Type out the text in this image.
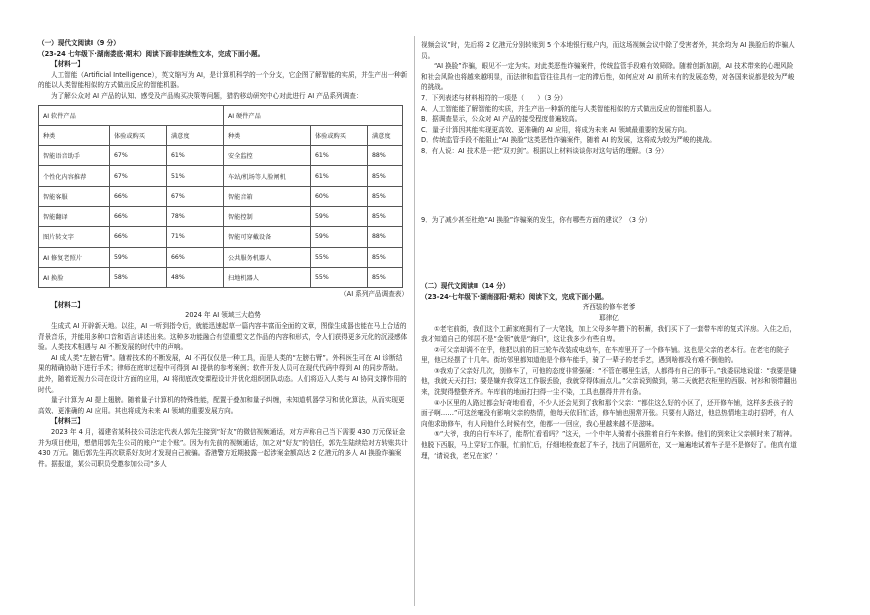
（一）现代文阅读Ⅰ（9 分）

（23-24 七年级下·湖南娄底·期末）阅读下面非连续性文本，完成下面小题。

【材料一】

人工智能（Artificial Intelligence），英文缩写为 AI，是计算机科学的一个分支，它企图了解智能的实质，并生产出一种新的能以人类智能相似的方式做出反应的智能机器。

为了解公众对 AI 产品的认知、感受及产品购买决策等问题，猎豹移动研究中心对此进行 AI 产品系列调查：

AI 软件产品			AI 硬件产品		
种类	体验或购买	满意度	种类	体验或购买	满意度
智能语音助手	67%	61%	安全监控	61%	88%
个性化内容推荐	67%	51%	车站/机场等人脸闸机	61%	85%
智能客服	66%	67%	智能音箱	60%	85%
智能翻译	66%	78%	智能控制	59%	85%
图片转文字	66%	71%	智能可穿戴设备	59%	88%
AI 修复老照片	59%	66%	公共服务机器人	55%	85%
AI 换脸	58%	48%	扫地机器人	55%	85%

（AI 系列产品调查表）

【材料二】

2024 年 AI 领域三大趋势

生成式 AI 开辟新天地。以往，AI 一听到指令后，就能迅速起草一篇内容丰富而全面的文章，图像生成器也能在马上合适的背景音乐，并能用多种口音和语言讲述出来。这种多功能融合有望重塑文艺作品的内容和形式，令人们获得更多元化的沉浸感体验。人类技术相遇与 AI 不断发展的时代中的声响。

AI 成人类“左膀右臂”。随着技术的不断发展，AI 不再仅仅是一种工具，而是人类的“左膀右臂”。外科医生可在 AI 诊断结果的精确协助下进行手术；律师在庭审过程中可得到 AI 提供的参考案例；软件开发人员可在现代代码中得到 AI 的同步帮助。此外，随着近视力公司在设计方面的应用，AI 将彻底改变课程设计并优化组织团队动态。人们将迈入人类与 AI 协同支撑作用的时代。

量子计算为 AI 提上翅膀。随着量子计算机的特殊性能，配置于叠加和量子纠缠，未知道机器学习和优化算法，从而实现更高效、更准确的 AI 应用。其也将成为未来 AI 领域的重要发展方向。

【材料三】

2023 年 4 月，福建省某科技公司法定代表人郭先生接到“好友”的微信视频通话，对方声称自己当下需要 430 万元保证金并为项目使用，想借用郭先生公司的账户“走个账”。因为有先前的视频通话，加之对“好友”的信任，郭先生陆续给对方转账共计 430 万元。随后郭先生再次联系好友时才发现自己被骗。香港警方近期披露一起涉案金额高达 2 亿港元的多人 AI 换脸诈骗案件。据报道，某公司职员受邀参加公司“多人

视频会议”时，先后将 2 亿港元分别转账到 5 个本地银行账户内，而这场视频会议中除了受害者外，其余均为 AI 换脸后的诈骗人员。

“AI 换脸”诈骗，眼见不一定为实。对此类恶性诈骗案件，传统监管手段难有效筛除。随着创新加剧，AI 技术带来的心理风险和社会风险也将越来越明显，而法律和监管往往具有一定的滞后性，如何应对 AI 前所未有的发展态势，对各国来说都是较为严峻的挑战。

7．下列表述与材料相符的一项是（　　）（3 分）

A．人工智能能了解智能的实质，并生产出一种新的能与人类智能相似的方式做出反应的智能机器人。

B．据调查显示，公众对 AI 产品的接受程度普遍较高。

C．量子计算因其能实现更高效、更准确的 AI 应用，将成为未来 AI 领域最重要的发展方向。

D．传统监管手段不能阻止“AI 换脸”这类恶性诈骗案件，随着 AI 的发展，这将成为较为严峻的挑战。

8．有人说：AI 技术是一把“双刃剑”。根据以上材料谈谈你对这句话的理解。（3 分）

9．为了减少甚至杜绝“AI 换脸”诈骗案的发生，你有哪些方面的建议？（3 分）

（二）现代文阅读Ⅱ（14 分）

（23-24·七年级下·湖南邵阳·期末）阅读下文，完成下面小题。

齐西装的修车老爹

耶律亿

①老宅前街，我们这个工薪家庭拥有了一大笔钱，加上父母多年攒下的积蓄，我们买下了一套带车库的复式洋房。入住之后，我才知道自己的邻居不是“金领”就是“海归”，这让我多少有些自卑。

②可父亲却满不在乎，他把以前的旧三轮车改装成电动车，在车库里开了一个修车铺。这也是父亲的老本行。在老宅的院子里，他已经摆了十几年。街坊邻里都知道他是个修车能手，骑了一辈子的老手艺，遇到啥都没有难不倒他的。

③我劝了父亲好几次，别修车了，可他的态度非常强硬：“不管在哪里生活，人都得有自己的事干。”我委屈地说道：“我要是嫌他，我就天天打扫；要是嫌弃我穿这工作服丢脸，我就穿得体面点儿。”父亲说到做到，第二天就把衣柜里的西服、衬衫和领带翻出来，洗熨得整整齐齐。车库前的地面打扫得一尘不染，工具也摆得井井有条。

④小区里的人路过都会好奇地看看，不少人还会见到了我和那个父亲：“都住这么好的小区了，还开修车铺，这样多丢孩子的面子啊……”可这丝毫没有影响父亲的热情，他每天依旧忙活，修车铺也照常开张。只要有人路过，他总热情地主动打招呼，有人向他求助修车，有人问他什么时候有空，他都一一回应，我心里越来越不是滋味。

⑤“大爷，我的自行车坏了，能帮忙看看吗？”这天，一个中年人骑着小孩推着自行车来修。他们的到来让父亲顿时来了精神。他脱下西服，马上穿好工作服，忙前忙后，仔细地检查起了车子，找出了问题所在，又一遍遍地试着车子是不是修好了。他真有道理，‘请说我，老兄在家？’
